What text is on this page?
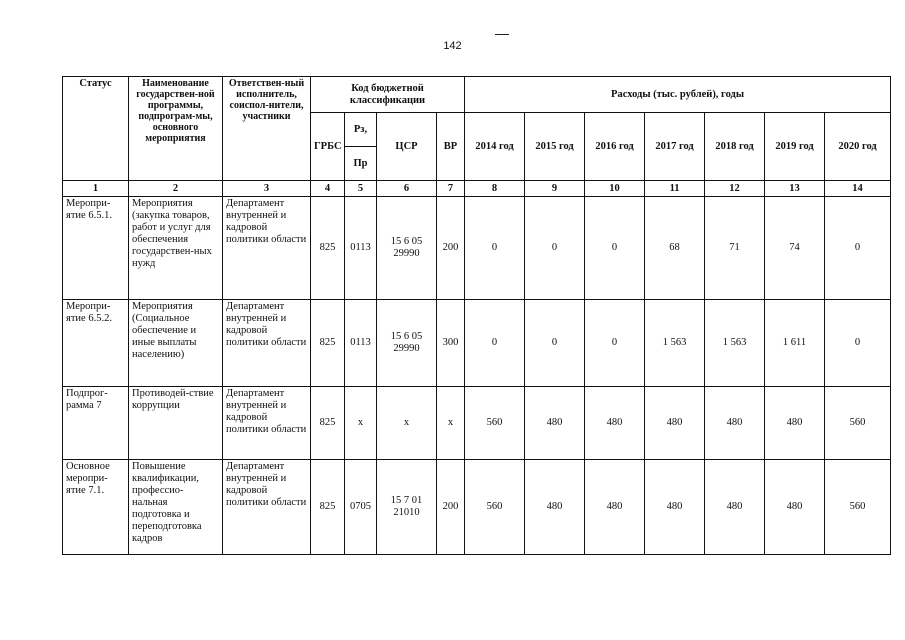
142
Статус	Наименование государствен-ной программы, подпрограм-мы, основного мероприятия	Ответствен-ный исполнитель, соиспол-нители, участники	Код бюджетной классификации				Расходы (тыс. рублей), годы						
			ГРБС	Рз,	ЦСР	ВР	2014 год	2015 год	2016 год	2017 год	2018 год	2019 год	2020 год
				Пр									
1	2	3	4	5	6	7	8	9	10	11	12	13	14
Меропри-ятие 6.5.1.	Мероприятия (закупка товаров, работ и услуг для обеспечения государствен-ных нужд	Департамент внутренней и кадровой политики области	825	0113	15 6 05 29990	200	0	0	0	68	71	74	0
Меропри-ятие 6.5.2.	Мероприятия (Социальное обеспечение и иные выплаты населению)	Департамент внутренней и кадровой политики области	825	0113	15 6 05 29990	300	0	0	0	1 563	1 563	1 611	0
Подпрог-рамма 7	Противодей-ствие коррупции	Департамент внутренней и кадровой политики области	825	х	х	х	560	480	480	480	480	480	560
Основное меропри-ятие 7.1.	Повышение квалификации, профессио-нальная подготовка и переподготовка кадров	Департамент внутренней и кадровой политики области	825	0705	15 7 01 21010	200	560	480	480	480	480	480	560
